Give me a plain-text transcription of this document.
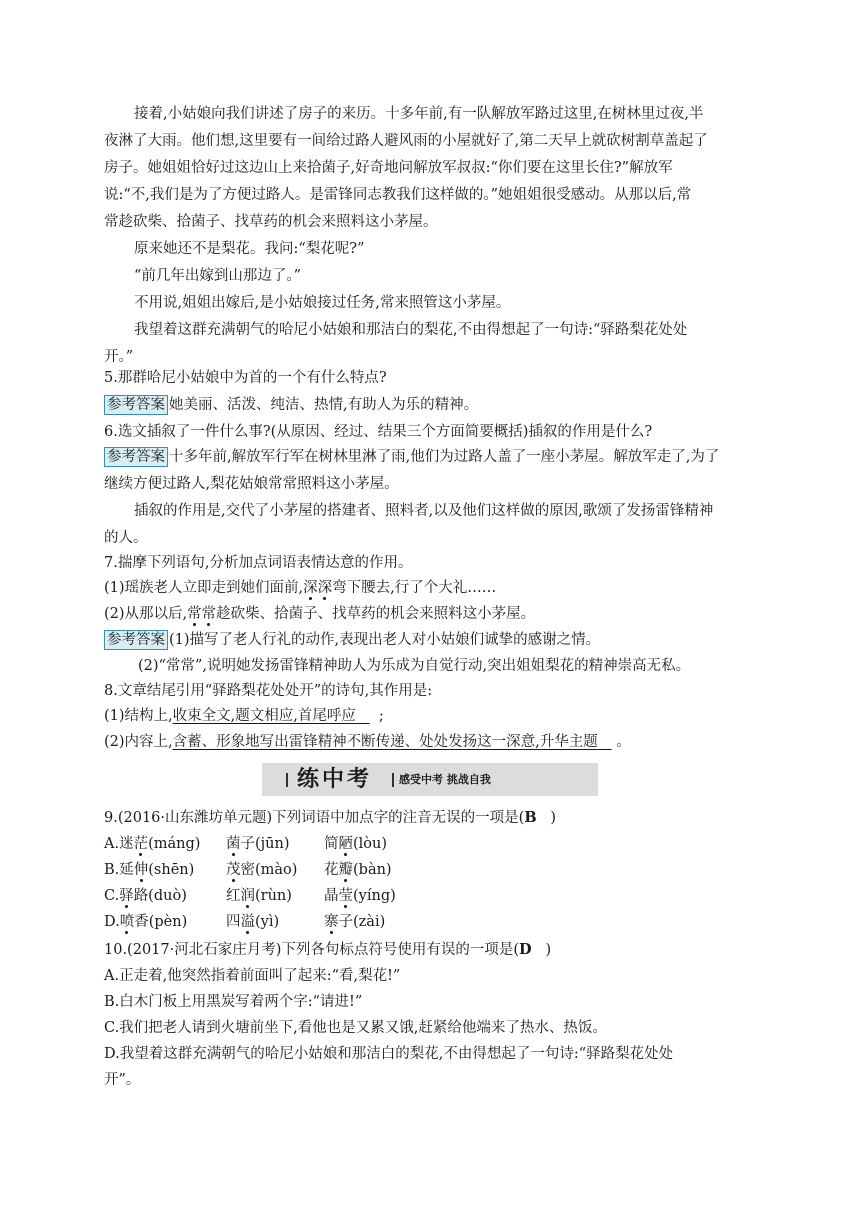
接着,小姑娘向我们讲述了房子的来历。十多年前,有一队解放军路过这里,在树林里过夜,半
夜淋了大雨。他们想,这里要有一间给过路人避风雨的小屋就好了,第二天早上就砍树割草盖起了
房子。她姐姐恰好过这边山上来拾菌子,好奇地问解放军叔叔:“你们要在这里长住?”解放军
说:“不,我们是为了方便过路人。是雷锋同志教我们这样做的。”她姐姐很受感动。从那以后,常
常趁砍柴、拾菌子、找草药的机会来照料这小茅屋。
原来她还不是梨花。我问:“梨花呢?”
“前几年出嫁到山那边了。”
不用说,姐姐出嫁后,是小姑娘接过任务,常来照管这小茅屋。
我望着这群充满朝气的哈尼小姑娘和那洁白的梨花,不由得想起了一句诗:“驿路梨花处处
开。”
5.那群哈尼小姑娘中为首的一个有什么特点?
参考答案 她美丽、活泼、纯洁、热情,有助人为乐的精神。
6.选文插叙了一件什么事?(从原因、经过、结果三个方面简要概括)插叙的作用是什么?
参考答案 十多年前,解放军行军在树林里淋了雨,他们为过路人盖了一座小茅屋。解放军走了,为了
继续方便过路人,梨花姑娘常常照料这小茅屋。
插叙的作用是,交代了小茅屋的搭建者、照料者,以及他们这样做的原因,歌颂了发扬雷锋精神
的人。
7.揣摩下列语句,分析加点词语表情达意的作用。
(1)瑶族老人立即走到她们面前,深深弯下腰去,行了个大礼……
(2)从那以后,常常趁砍柴、拾菌子、找草药的机会来照料这小茅屋。
参考答案 (1)描写了老人行礼的动作,表现出老人对小姑娘们诚挚的感谢之情。
(2)“常常”,说明她发扬雷锋精神助人为乐成为自觉行动,突出姐姐梨花的精神崇高无私。
8.文章结尾引用“驿路梨花处处开”的诗句,其作用是:
(1)结构上,收束全文,题文相应,首尾呼应 ;
(2)内容上,含蓄、形象地写出雷锋精神不断传递、处处发扬这一深意,升华主题 。
练中考 感受中考 挑战自我
9.(2016·山东潍坊单元题)下列词语中加点字的注音无误的一项是(B )
A.迷茫(máng) 菌子(jūn) 简陋(lòu)
B.延伸(shēn) 茂密(mào) 花瓣(bàn)
C.驿路(duò)	红润(rùn) 晶莹(yíng)
D.喷香(pèn)	四溢(yì)	寨子(zài)
10.(2017·河北石家庄月考)下列各句标点符号使用有误的一项是(D )
A.正走着,他突然指着前面叫了起来:“看,梨花!”
B.白木门板上用黑炭写着两个字:“请进!”
C.我们把老人请到火塘前坐下,看他也是又累又饿,赶紧给他端来了热水、热饭。
D.我望着这群充满朝气的哈尼小姑娘和那洁白的梨花,不由得想起了一句诗:“驿路梨花处处
开”。
